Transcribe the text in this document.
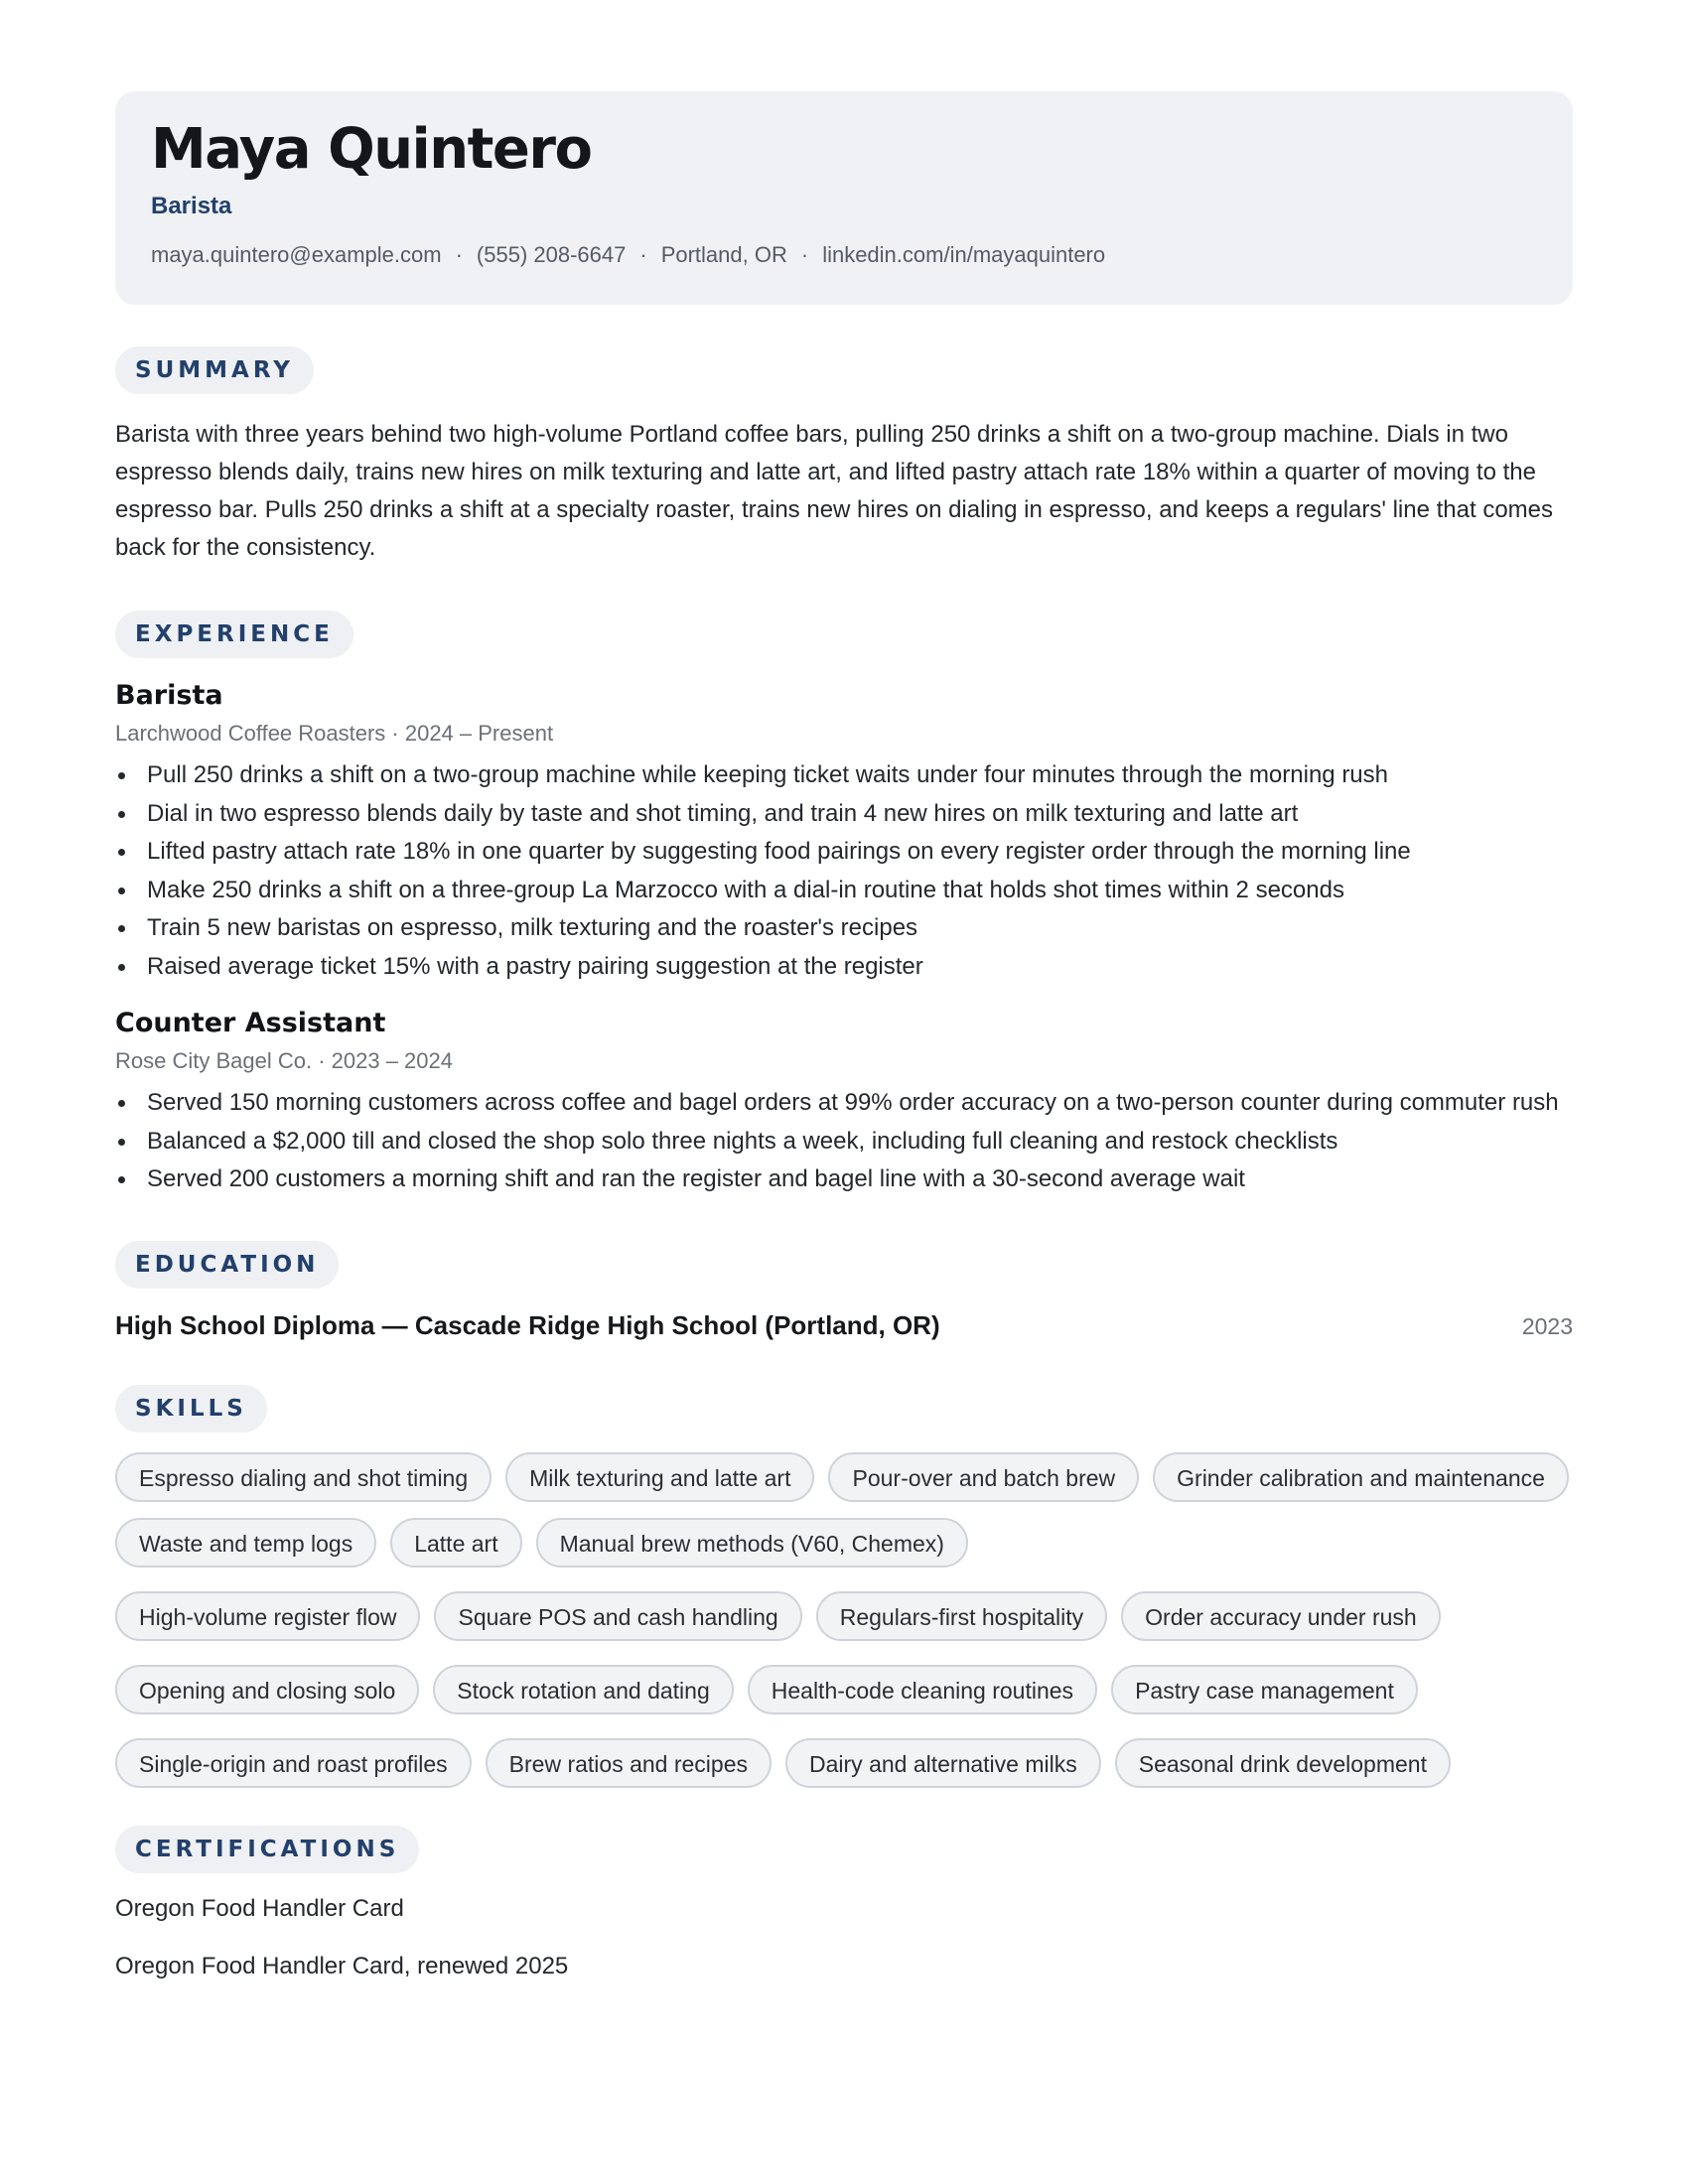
Maya Quintero
Barista
maya.quintero@example.com · (555) 208-6647 · Portland, OR · linkedin.com/in/mayaquintero
SUMMARY

Barista with three years behind two high-volume Portland coffee bars, pulling 250 drinks a shift on a two-group machine. Dials in two espresso blends daily, trains new hires on milk texturing and latte art, and lifted pastry attach rate 18% within a quarter of moving to the espresso bar. Pulls 250 drinks a shift at a specialty roaster, trains new hires on dialing in espresso, and keeps a regulars' line that comes back for the consistency.

EXPERIENCE
Barista
Larchwood Coffee Roasters · 2024 – Present
Pull 250 drinks a shift on a two-group machine while keeping ticket waits under four minutes through the morning rush
Dial in two espresso blends daily by taste and shot timing, and train 4 new hires on milk texturing and latte art
Lifted pastry attach rate 18% in one quarter by suggesting food pairings on every register order through the morning line
Make 250 drinks a shift on a three-group La Marzocco with a dial-in routine that holds shot times within 2 seconds
Train 5 new baristas on espresso, milk texturing and the roaster's recipes
Raised average ticket 15% with a pastry pairing suggestion at the register
Counter Assistant
Rose City Bagel Co. · 2023 – 2024
Served 150 morning customers across coffee and bagel orders at 99% order accuracy on a two-person counter during commuter rush
Balanced a $2,000 till and closed the shop solo three nights a week, including full cleaning and restock checklists
Served 200 customers a morning shift and ran the register and bagel line with a 30-second average wait
EDUCATION
High School Diploma — Cascade Ridge High School (Portland, OR)	2023
SKILLS
Espresso dialing and shot timing	Milk texturing and latte art	Pour-over and batch brew	Grinder calibration and maintenance
Waste and temp logs	Latte art	Manual brew methods (V60, Chemex)
High-volume register flow	Square POS and cash handling	Regulars-first hospitality	Order accuracy under rush
Opening and closing solo	Stock rotation and dating	Health-code cleaning routines	Pastry case management
Single-origin and roast profiles	Brew ratios and recipes	Dairy and alternative milks	Seasonal drink development
CERTIFICATIONS
Oregon Food Handler Card
Oregon Food Handler Card, renewed 2025
